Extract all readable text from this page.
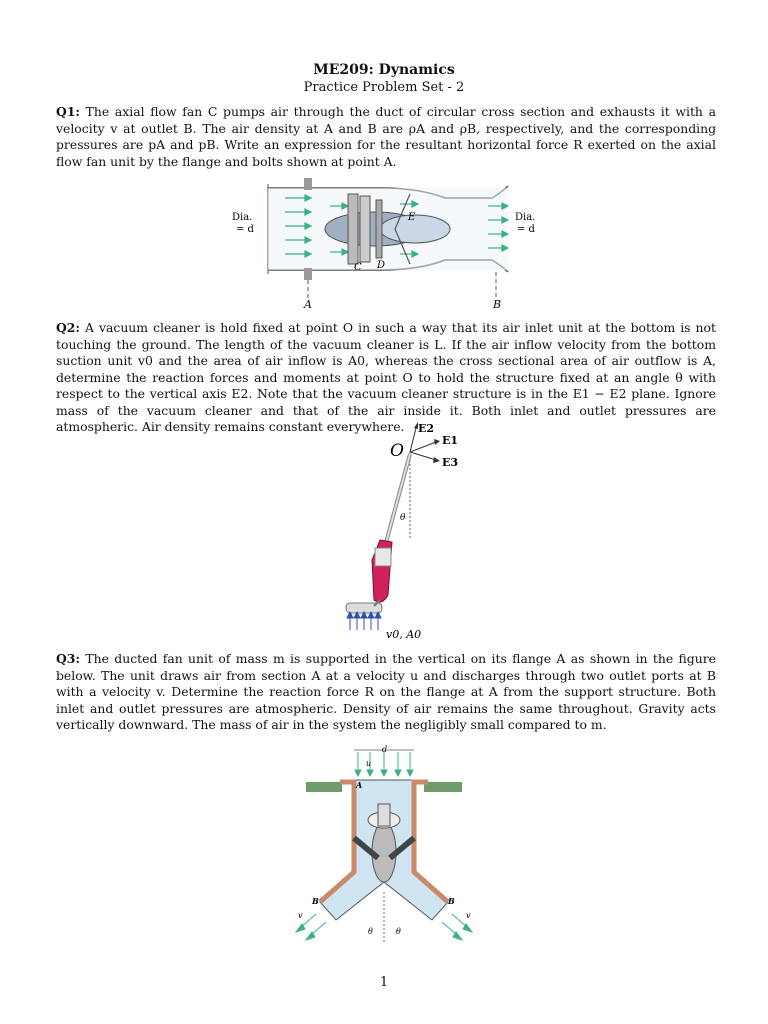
ME209: Dynamics
Practice Problem Set - 2
Q1: The axial flow fan C pumps air through the duct of circular cross section and exhausts it with a velocity v at outlet B. The air density at A and B are ρA and ρB, respectively, and the corresponding pressures are pA and pB. Write an expression for the resultant horizontal force R exerted on the axial flow fan unit by the flange and bolts shown at point A.
Dia.
= d
Dia.
= d
E
C D
A	B
Q2: A vacuum cleaner is hold fixed at point O in such a way that its air inlet unit at the bottom is not touching the ground. The length of the vacuum cleaner is L. If the air inflow velocity from the bottom suction unit v0 and the area of air inflow is A0, whereas the cross sectional area of air outflow is A, determine the reaction forces and moments at point O to hold the structure fixed at an angle θ with respect to the vertical axis E2. Note that the vacuum cleaner structure is in the E1 − E2 plane. Ignore mass of the vacuum cleaner and that of the air inside it. Both inlet and outlet pressures are atmospheric. Air density remains constant everywhere.
O
E2
E1
E3
θ
v0, A0
Q3: The ducted fan unit of mass m is supported in the vertical on its flange A as shown in the figure below. The unit draws air from section A at a velocity u and discharges through two outlet ports at B with a velocity v. Determine the reaction force R on the flange at A from the support structure. Both inlet and outlet pressures are atmospheric. Density of air remains the same throughout. Gravity acts vertically downward. The mass of air in the system the negligibly small compared to m.
d
u
A
B	B
v	v
θ	θ
1
